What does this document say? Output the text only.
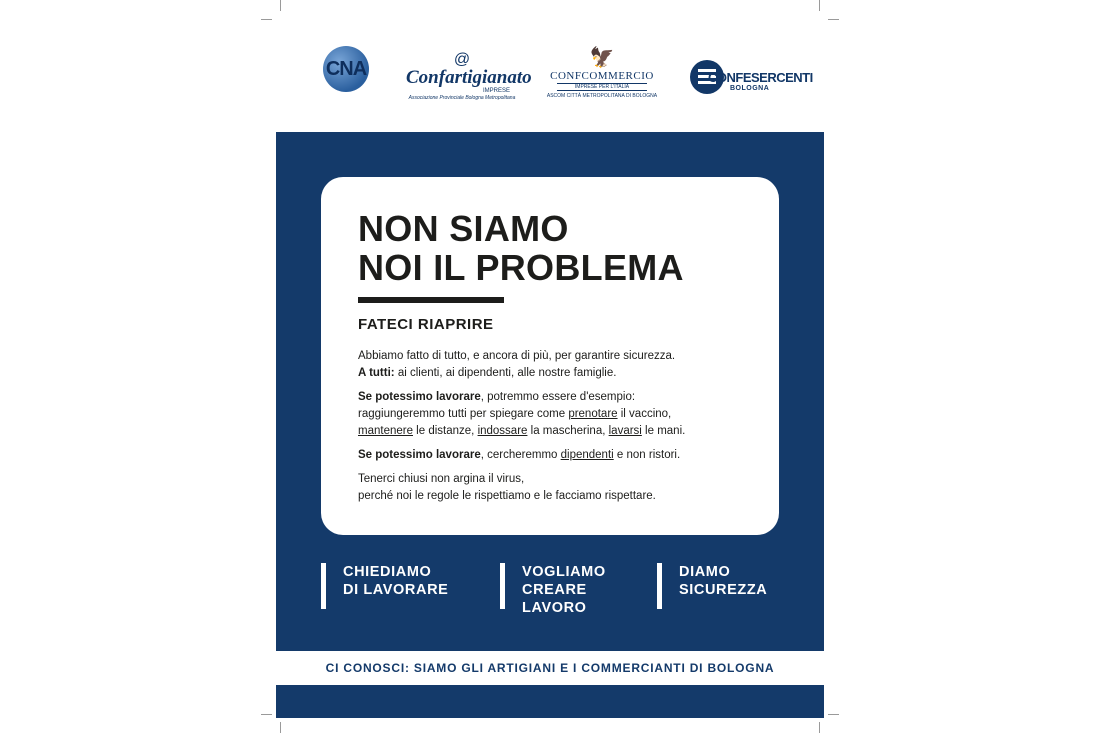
CNA	@
Confartigianato
IMPRESE
Associazione Provinciale Bologna Metropolitana
🦅
CONFCOMMERCIO
IMPRESE PER L'ITALIA
ASCOM CITTÀ METROPOLITANA DI BOLOGNA
CONFESERCENTI
BOLOGNA
NON SIAMO
NOI IL PROBLEMA
FATECI RIAPRIRE

Abbiamo fatto di tutto, e ancora di più, per garantire sicurezza.
A tutti: ai clienti, ai dipendenti, alle nostre famiglie.

Se potessimo lavorare, potremmo essere d'esempio:
raggiungeremmo tutti per spiegare come prenotare il vaccino,
mantenere le distanze, indossare la mascherina, lavarsi le mani.

Se potessimo lavorare, cercheremmo dipendenti e non ristori.

Tenerci chiusi non argina il virus,
perché noi le regole le rispettiamo e le facciamo rispettare.

CHIEDIAMO
DI LAVORARE
VOGLIAMO
CREARE
LAVORO
DIAMO
SICUREZZA
CI CONOSCI: SIAMO GLI ARTIGIANI E I COMMERCIANTI DI BOLOGNA
